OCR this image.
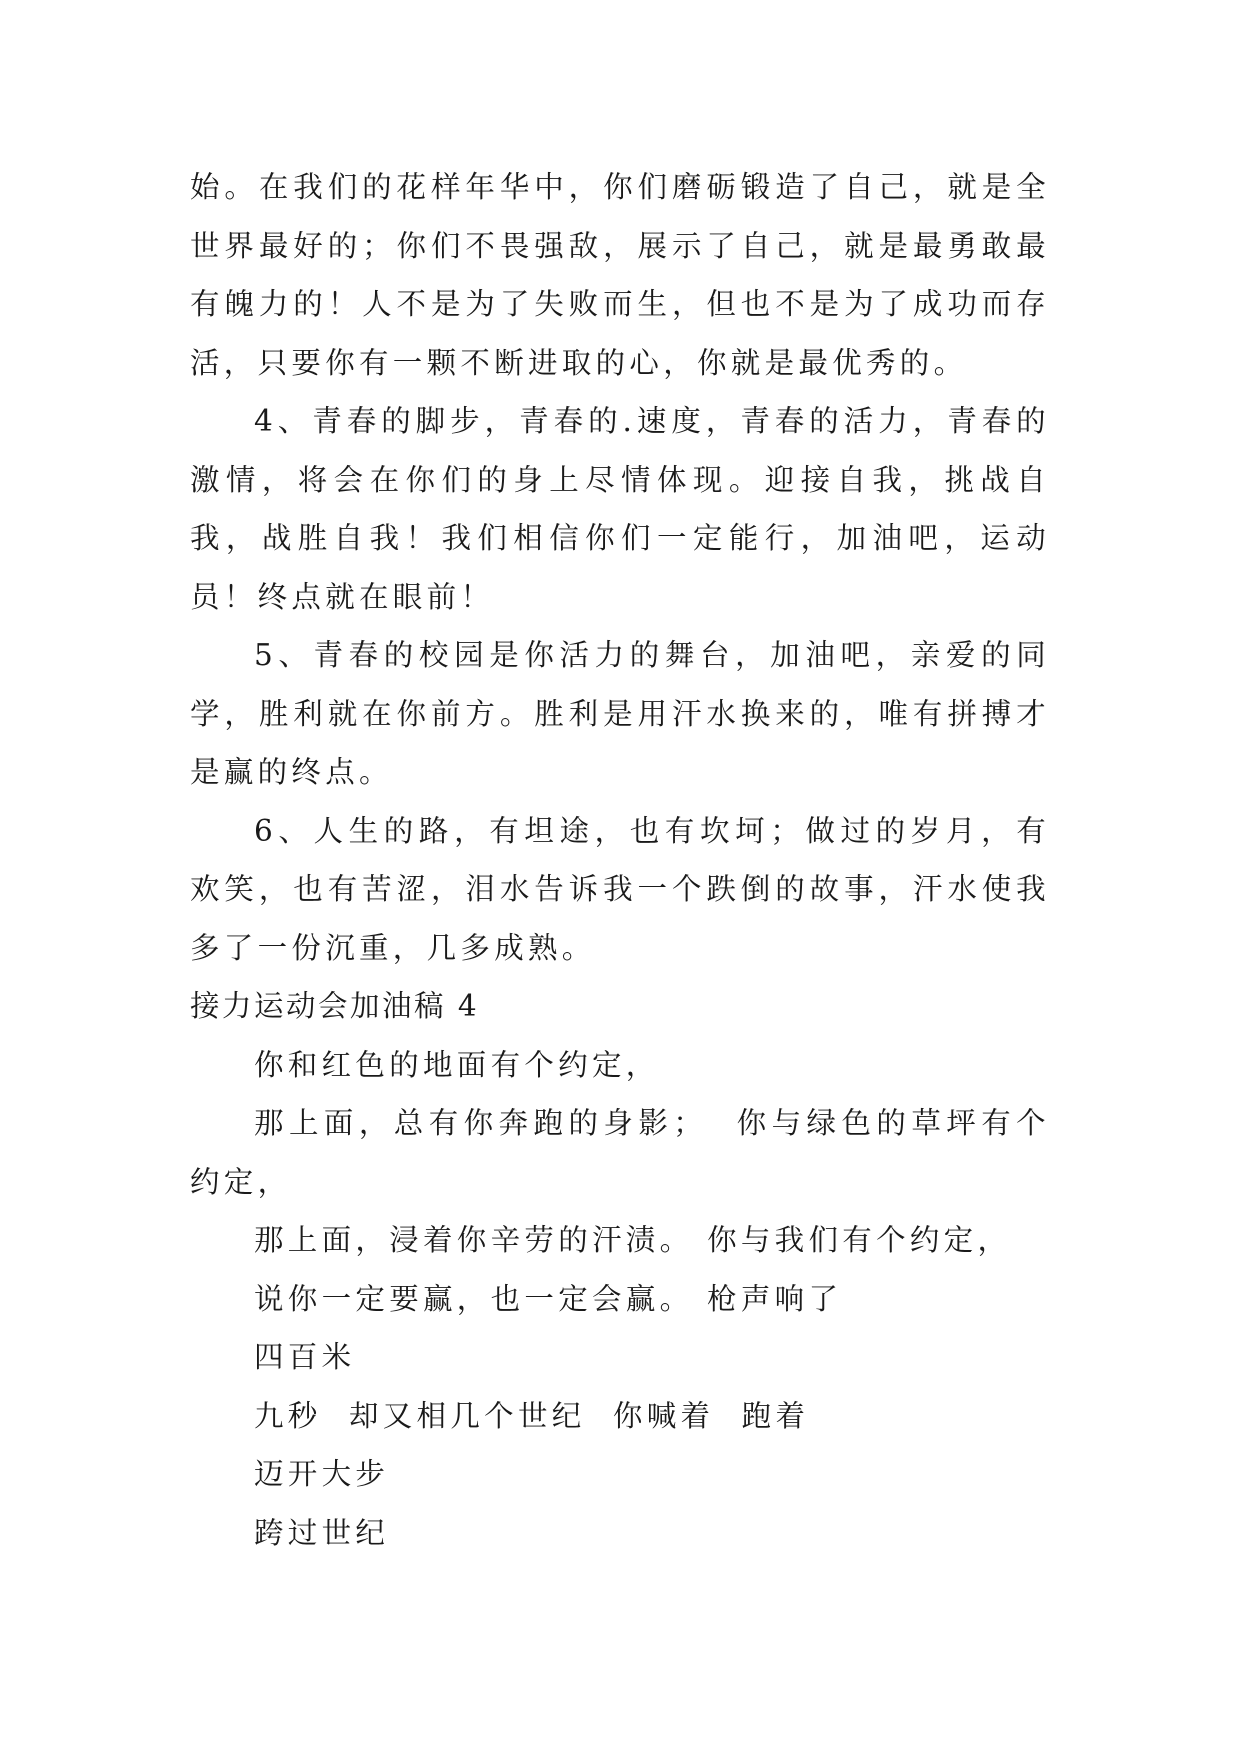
始。在我们的花样年华中，你们磨砺锻造了自己，就是全世界最好的；你们不畏强敌，展示了自己，就是最勇敢最有魄力的！人不是为了失败而生，但也不是为了成功而存活，只要你有一颗不断进取的心，你就是最优秀的。

4、青春的脚步，青春的.速度，青春的活力，青春的激情，将会在你们的身上尽情体现。迎接自我，挑战自我，战胜自我！我们相信你们一定能行，加油吧，运动员！终点就在眼前！

5、青春的校园是你活力的舞台，加油吧，亲爱的同学，胜利就在你前方。胜利是用汗水换来的，唯有拼搏才是赢的终点。

6、人生的路，有坦途，也有坎坷；做过的岁月，有欢笑，也有苦涩，泪水告诉我一个跌倒的故事，汗水使我多了一份沉重，几多成熟。

接力运动会加油稿 4

你和红色的地面有个约定，

那上面，总有你奔跑的身影；  你与绿色的草坪有个约定，

那上面，浸着你辛劳的汗渍。 你与我们有个约定，

说你一定要赢，也一定会赢。 枪声响了

四百米

九秒  却又相几个世纪  你喊着  跑着

迈开大步

跨过世纪
